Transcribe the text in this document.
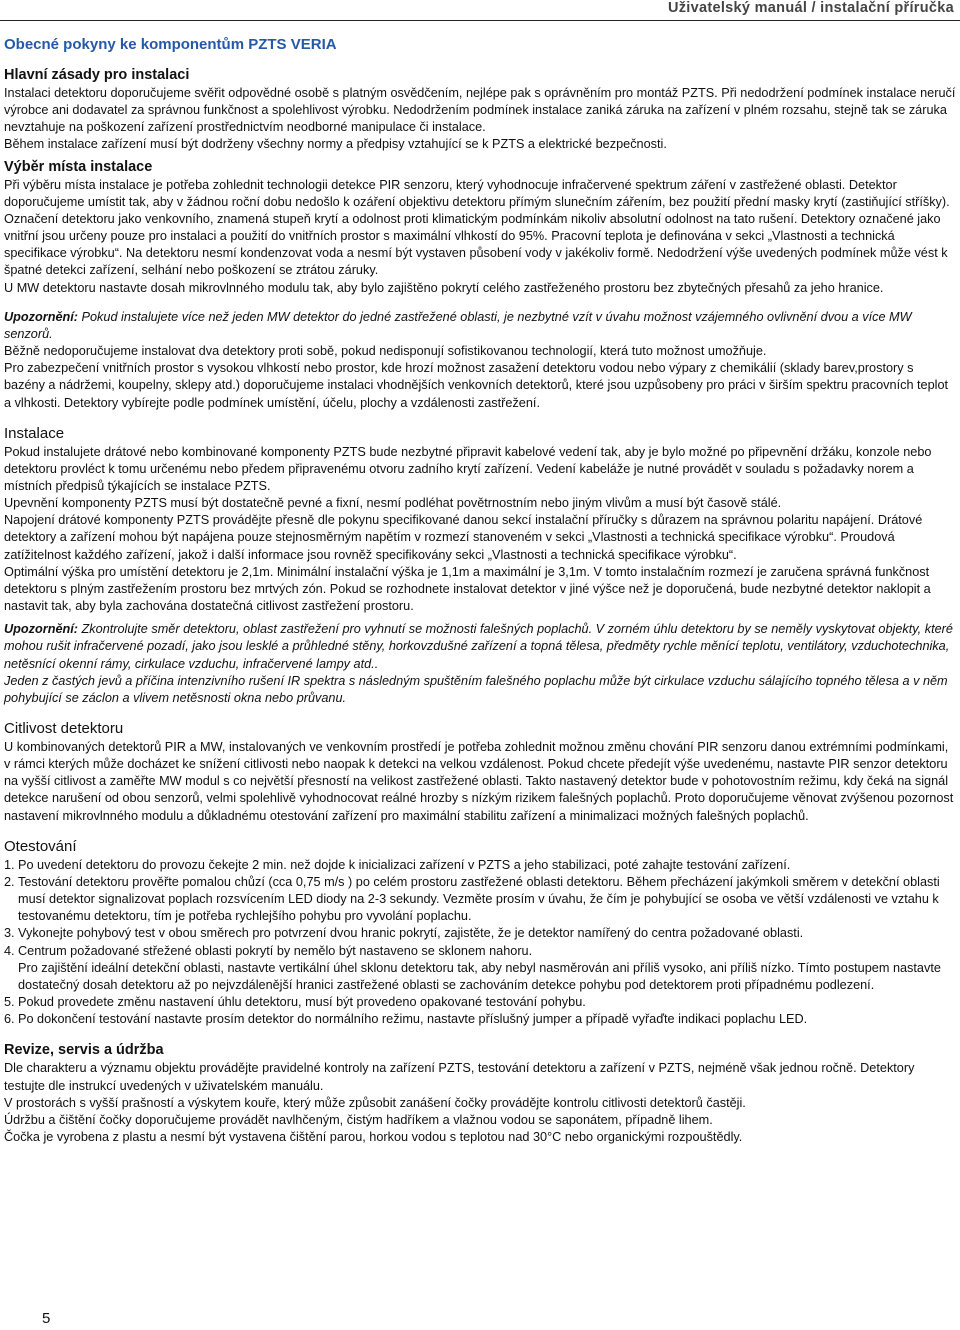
Uživatelský manuál / instalační příručka
Obecné pokyny ke komponentům PZTS VERIA
Hlavní zásady pro instalaci

Instalaci detektoru doporučujeme svěřit odpovědné osobě s platným osvědčením, nejlépe pak s oprávněním pro montáž PZTS. Při nedodržení podmínek instalace neručí výrobce ani dodavatel za správnou funkčnost a spolehlivost výrobku. Nedodržením podmínek instalace zaniká záruka na zařízení v plném rozsahu, stejně tak se záruka nevztahuje na poškození zařízení prostřednictvím neodborné manipulace či instalace.

Během instalace zařízení musí být dodrženy všechny normy a předpisy vztahující se k PZTS a elektrické bezpečnosti.

Výběr místa instalace

Při výběru místa instalace je potřeba zohlednit technologii detekce PIR senzoru, který vyhodnocuje infračervené spektrum záření v zastřežené oblasti. Detektor doporučujeme umístit tak, aby v žádnou roční dobu nedošlo k ozáření objektivu detektoru přímým slunečním zářením, bez použití přední masky krytí (zastiňující stříšky).

Označení detektoru jako venkovního, znamená stupeň krytí a odolnost proti klimatickým podmínkám nikoliv absolutní odolnost na tato rušení. Detektory označené jako vnitřní jsou určeny pouze pro instalaci a použití do vnitřních prostor s maximální vlhkostí do 95%. Pracovní teplota je definována v sekci „Vlastnosti a technická specifikace výrobku“. Na detektoru nesmí kondenzovat voda a nesmí být vystaven působení vody v jakékoliv formě. Nedodržení výše uvedených podmínek může vést k špatné detekci zařízení, selhání nebo poškození se ztrátou záruky.

U MW detektoru nastavte dosah mikrovlnného modulu tak, aby bylo zajištěno pokrytí celého zastřeženého prostoru bez zbytečných přesahů za jeho hranice.

Upozornění: Pokud instalujete více než jeden MW detektor do jedné zastřežené oblasti, je nezbytné vzít v úvahu možnost vzájemného ovlivnění dvou a více MW senzorů.

Běžně nedoporučujeme instalovat dva detektory proti sobě, pokud nedisponují sofistikovanou technologií, která tuto možnost umožňuje.

Pro zabezpečení vnitřních prostor s vysokou vlhkostí nebo prostor, kde hrozí možnost zasažení detektoru vodou nebo výpary z chemikálií (sklady barev,prostory s bazény a nádržemi, koupelny, sklepy atd.) doporučujeme instalaci vhodnějších venkovních detektorů, které jsou uzpůsobeny pro práci v širším spektru pracovních teplot a vlhkosti. Detektory vybírejte podle podmínek umístění, účelu, plochy a vzdálenosti zastřežení.

Instalace

Pokud instalujete drátové nebo kombinované komponenty PZTS bude nezbytné připravit kabelové vedení tak, aby je bylo možné po připevnění držáku, konzole nebo detektoru provléct k tomu určenému nebo předem připravenému otvoru zadního krytí zařízení. Vedení kabeláže je nutné provádět v souladu s požadavky norem a místních předpisů týkajících se instalace PZTS.

Upevnění komponenty PZTS musí být dostatečně pevné a fixní, nesmí podléhat povětrnostním nebo jiným vlivům a musí být časově stálé.

Napojení drátové komponenty PZTS provádějte přesně dle pokynu specifikované danou sekcí instalační příručky s důrazem na správnou polaritu napájení. Drátové detektory a zařízení mohou být napájena pouze stejnosměrným napětím v rozmezí stanoveném v sekci „Vlastnosti a technická specifikace výrobku“. Proudová zatížitelnost každého zařízení, jakož i další informace jsou rovněž specifikovány sekci „Vlastnosti a technická specifikace výrobku“.

Optimální výška pro umístění detektoru je 2,1m. Minimální instalační výška je 1,1m a maximální je 3,1m. V tomto instalačním rozmezí je zaručena správná funkčnost detektoru s plným zastřežením prostoru bez mrtvých zón. Pokud se rozhodnete instalovat detektor v jiné výšce než je doporučená, bude nezbytné detektor naklopit a nastavit tak, aby byla zachována dostatečná citlivost zastřežení prostoru.

Upozornění: Zkontrolujte směr detektoru, oblast zastřežení pro vyhnutí se možnosti falešných poplachů. V zorném úhlu detektoru by se neměly vyskytovat objekty, které mohou rušit infračervené pozadí, jako jsou lesklé a průhledné stěny, horkovzdušné zařízení a topná tělesa, předměty rychle měnící teplotu, ventilátory, vzduchotechnika, netěsnící okenní rámy, cirkulace vzduchu, infračervené lampy atd..

Jeden z častých jevů a příčina intenzivního rušení IR spektra s následným spuštěním falešného poplachu může být cirkulace vzduchu sálajícího topného tělesa a v něm pohybující se záclon a vlivem netěsnosti okna nebo průvanu.

Citlivost detektoru

U kombinovaných detektorů PIR a MW, instalovaných ve venkovním prostředí je potřeba zohlednit možnou změnu chování PIR senzoru danou extrémními podmínkami, v rámci kterých může docházet ke snížení citlivosti nebo naopak k detekci na velkou vzdálenost. Pokud chcete předejít výše uvedenému, nastavte PIR senzor detektoru na vyšší citlivost a zaměřte MW modul s co největší přesností na velikost zastřežené oblasti. Takto nastavený detektor bude v pohotovostním režimu, kdy čeká na signál detekce narušení od obou senzorů, velmi spolehlivě vyhodnocovat reálné hrozby s nízkým rizikem falešných poplachů. Proto doporučujeme věnovat zvýšenou pozornost nastavení mikrovlnného modulu a důkladnému otestování zařízení pro maximální stabilitu zařízení a minimalizaci možných falešných poplachů.

Otestování
1. Po uvedení detektoru do provozu čekejte 2 min. než dojde k inicializaci zařízení v PZTS a jeho stabilizaci, poté zahajte testování zařízení.
2. Testování detektoru prověřte pomalou chůzí (cca 0,75 m/s ) po celém prostoru zastřežené oblasti detektoru. Během přecházení jakýmkoli směrem v detekční oblasti musí detektor signalizovat poplach rozsvícením LED diody na 2-3 sekundy. Vezměte prosím v úvahu, že čím je pohybující se osoba ve větší vzdálenosti ve vztahu k testovanému detektoru, tím je potřeba rychlejšího pohybu pro vyvolání poplachu.
3. Vykonejte pohybový test v obou směrech pro potvrzení dvou hranic pokrytí, zajistěte, že je detektor namířený do centra požadované oblasti.
4. Centrum požadované střežené oblasti pokrytí by nemělo být nastaveno se sklonem nahoru.

Pro zajištění ideální detekční oblasti, nastavte vertikální úhel sklonu detektoru tak, aby nebyl nasměrován ani příliš vysoko, ani příliš nízko. Tímto postupem nastavte dostatečný dosah detektoru až po nejvzdálenější hranici zastřežené oblasti se zachováním detekce pohybu pod detektorem proti případnému podlezení.

5. Pokud provedete změnu nastavení úhlu detektoru, musí být provedeno opakované testování pohybu.
6. Po dokončení testování nastavte prosím detektor do normálního režimu, nastavte příslušný jumper a případě vyřaďte indikaci poplachu LED.
Revize, servis a údržba

Dle charakteru a významu objektu provádějte pravidelné kontroly na zařízení PZTS, testování detektoru a zařízení v PZTS, nejméně však jednou ročně. Detektory testujte dle instrukcí uvedených v uživatelském manuálu.

V prostorách s vyšší prašností a výskytem kouře, který může způsobit zanášení čočky provádějte kontrolu citlivosti detektorů častěji.

Údržbu a čištění čočky doporučujeme provádět navlhčeným, čistým hadříkem a vlažnou vodou se saponátem, případně lihem.

Čočka je vyrobena z plastu a nesmí být vystavena čištění parou, horkou vodou s teplotou nad 30°C nebo organickými rozpouštědly.

5
